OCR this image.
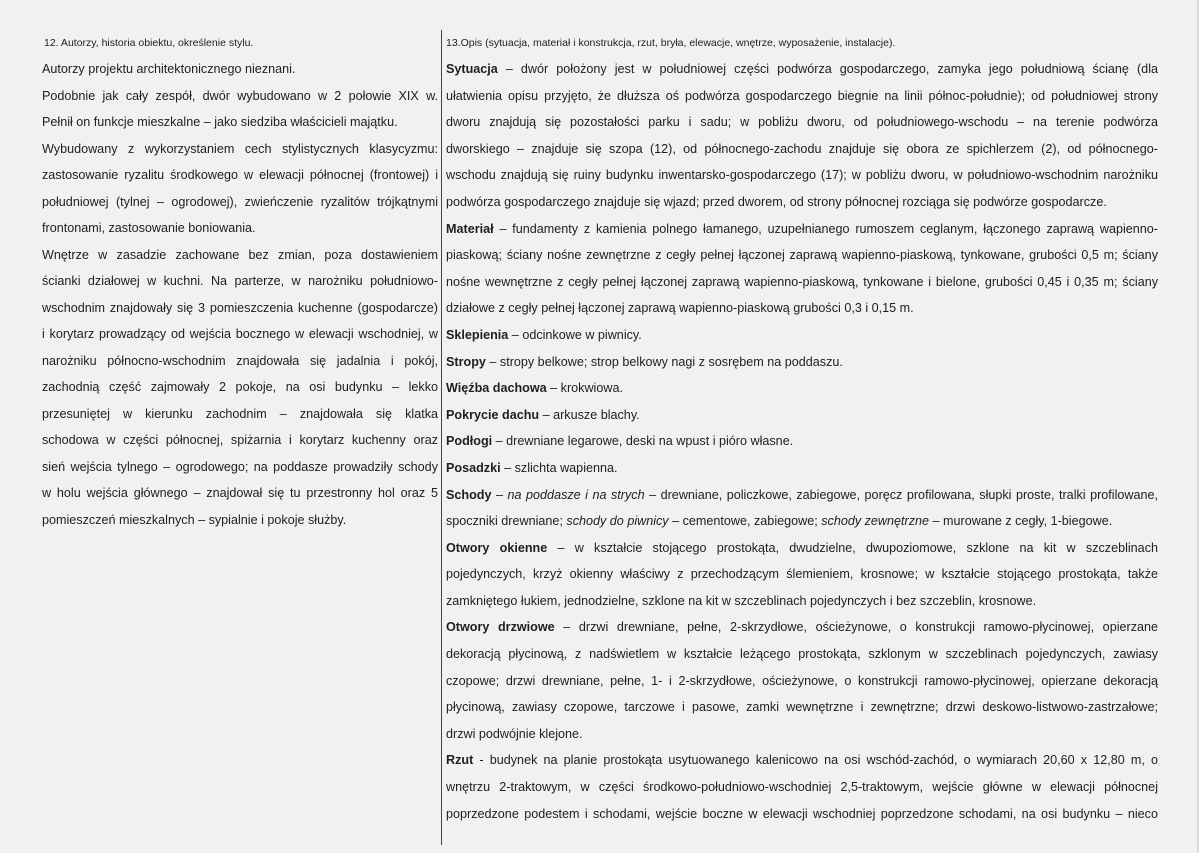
12. Autorzy, historia obiektu, określenie stylu.
Autorzy projektu architektonicznego nieznani.
Podobnie jak cały zespół, dwór wybudowano w 2 połowie XIX w.
Pełnił on funkcje mieszkalne – jako siedziba właścicieli majątku.
Wybudowany z wykorzystaniem cech stylistycznych klasycyzmu:
zastosowanie ryzalitu środkowego w elewacji północnej (frontowej) i
południowej (tylnej – ogrodowej), zwieńczenie ryzalitów trójkątnymi
frontonami, zastosowanie boniowania.
Wnętrze w zasadzie zachowane bez zmian, poza dostawieniem
ścianki działowej w kuchni. Na parterze, w narożniku południowo-
wschodnim znajdowały się 3 pomieszczenia kuchenne (gospodarcze)
i korytarz prowadzący od wejścia bocznego w elewacji wschodniej, w
narożniku północno-wschodnim znajdowała się jadalnia i pokój,
zachodnią część zajmowały 2 pokoje, na osi budynku – lekko
przesuniętej w kierunku zachodnim – znajdowała się klatka
schodowa w części północnej, spiżarnia i korytarz kuchenny oraz
sień wejścia tylnego – ogrodowego; na poddasze prowadziły schody
w holu wejścia głównego – znajdował się tu przestronny hol oraz 5
pomieszczeń mieszkalnych – sypialnie i pokoje służby.
13.Opis (sytuacja, materiał i konstrukcja, rzut, bryła, elewacje, wnętrze, wyposażenie, instalacje).
Sytuacja – dwór położony jest w południowej części podwórza gospodarczego, zamyka jego południową ścianę (dla
ułatwienia opisu przyjęto, że dłuższa oś podwórza gospodarczego biegnie na linii północ-południe); od południowej strony
dworu znajdują się pozostałości parku i sadu; w pobliżu dworu, od południowego-wschodu – na terenie podwórza
dworskiego – znajduje się szopa (12), od północnego-zachodu znajduje się obora ze spichlerzem (2), od północnego-
wschodu znajdują się ruiny budynku inwentarsko-gospodarczego (17); w pobliżu dworu, w południowo-wschodnim narożniku
podwórza gospodarczego znajduje się wjazd; przed dworem, od strony północnej rozciąga się podwórze gospodarcze.
Materiał – fundamenty z kamienia polnego łamanego, uzupełnianego rumoszem ceglanym, łączonego zaprawą wapienno-
piaskową; ściany nośne zewnętrzne z cegły pełnej łączonej zaprawą wapienno-piaskową, tynkowane, grubości 0,5 m; ściany
nośne wewnętrzne z cegły pełnej łączonej zaprawą wapienno-piaskową, tynkowane i bielone, grubości 0,45 i 0,35 m; ściany
działowe z cegły pełnej łączonej zaprawą wapienno-piaskową grubości 0,3 i 0,15 m.
Sklepienia – odcinkowe w piwnicy.
Stropy – stropy belkowe; strop belkowy nagi z sosrębem na poddaszu.
Więźba dachowa – krokwiowa.
Pokrycie dachu – arkusze blachy.
Podłogi – drewniane legarowe, deski na wpust i pióro własne.
Posadzki – szlichta wapienna.
Schody – na poddasze i na strych – drewniane, policzkowe, zabiegowe, poręcz profilowana, słupki proste, tralki profilowane,
spoczniki drewniane; schody do piwnicy – cementowe, zabiegowe; schody zewnętrzne – murowane z cegły, 1-biegowe.
Otwory okienne – w kształcie stojącego prostokąta, dwudzielne, dwupoziomowe, szklone na kit w szczeblinach
pojedynczych, krzyż okienny właściwy z przechodzącym ślemieniem, krosnowe; w kształcie stojącego prostokąta, także
zamkniętego łukiem, jednodzielne, szklone na kit w szczeblinach pojedynczych i bez szczeblin, krosnowe.
Otwory drzwiowe – drzwi drewniane, pełne, 2-skrzydłowe, ościeżynowe, o konstrukcji ramowo-płycinowej, opierzane
dekoracją płycinową, z nadświetlem w kształcie leżącego prostokąta, szklonym w szczeblinach pojedynczych, zawiasy
czopowe; drzwi drewniane, pełne, 1- i 2-skrzydłowe, ościeżynowe, o konstrukcji ramowo-płycinowej, opierzane dekoracją
płycinową, zawiasy czopowe, tarczowe i pasowe, zamki wewnętrzne i zewnętrzne; drzwi deskowo-listwowo-zastrzałowe;
drzwi podwójnie klejone.
Rzut - budynek na planie prostokąta usytuowanego kalenicowo na osi wschód-zachód, o wymiarach 20,60 x 12,80 m, o
wnętrzu 2-traktowym, w części środkowo-południowo-wschodniej 2,5-traktowym, wejście główne w elewacji północnej
poprzedzone podestem i schodami, wejście boczne w elewacji wschodniej poprzedzone schodami, na osi budynku – nieco
